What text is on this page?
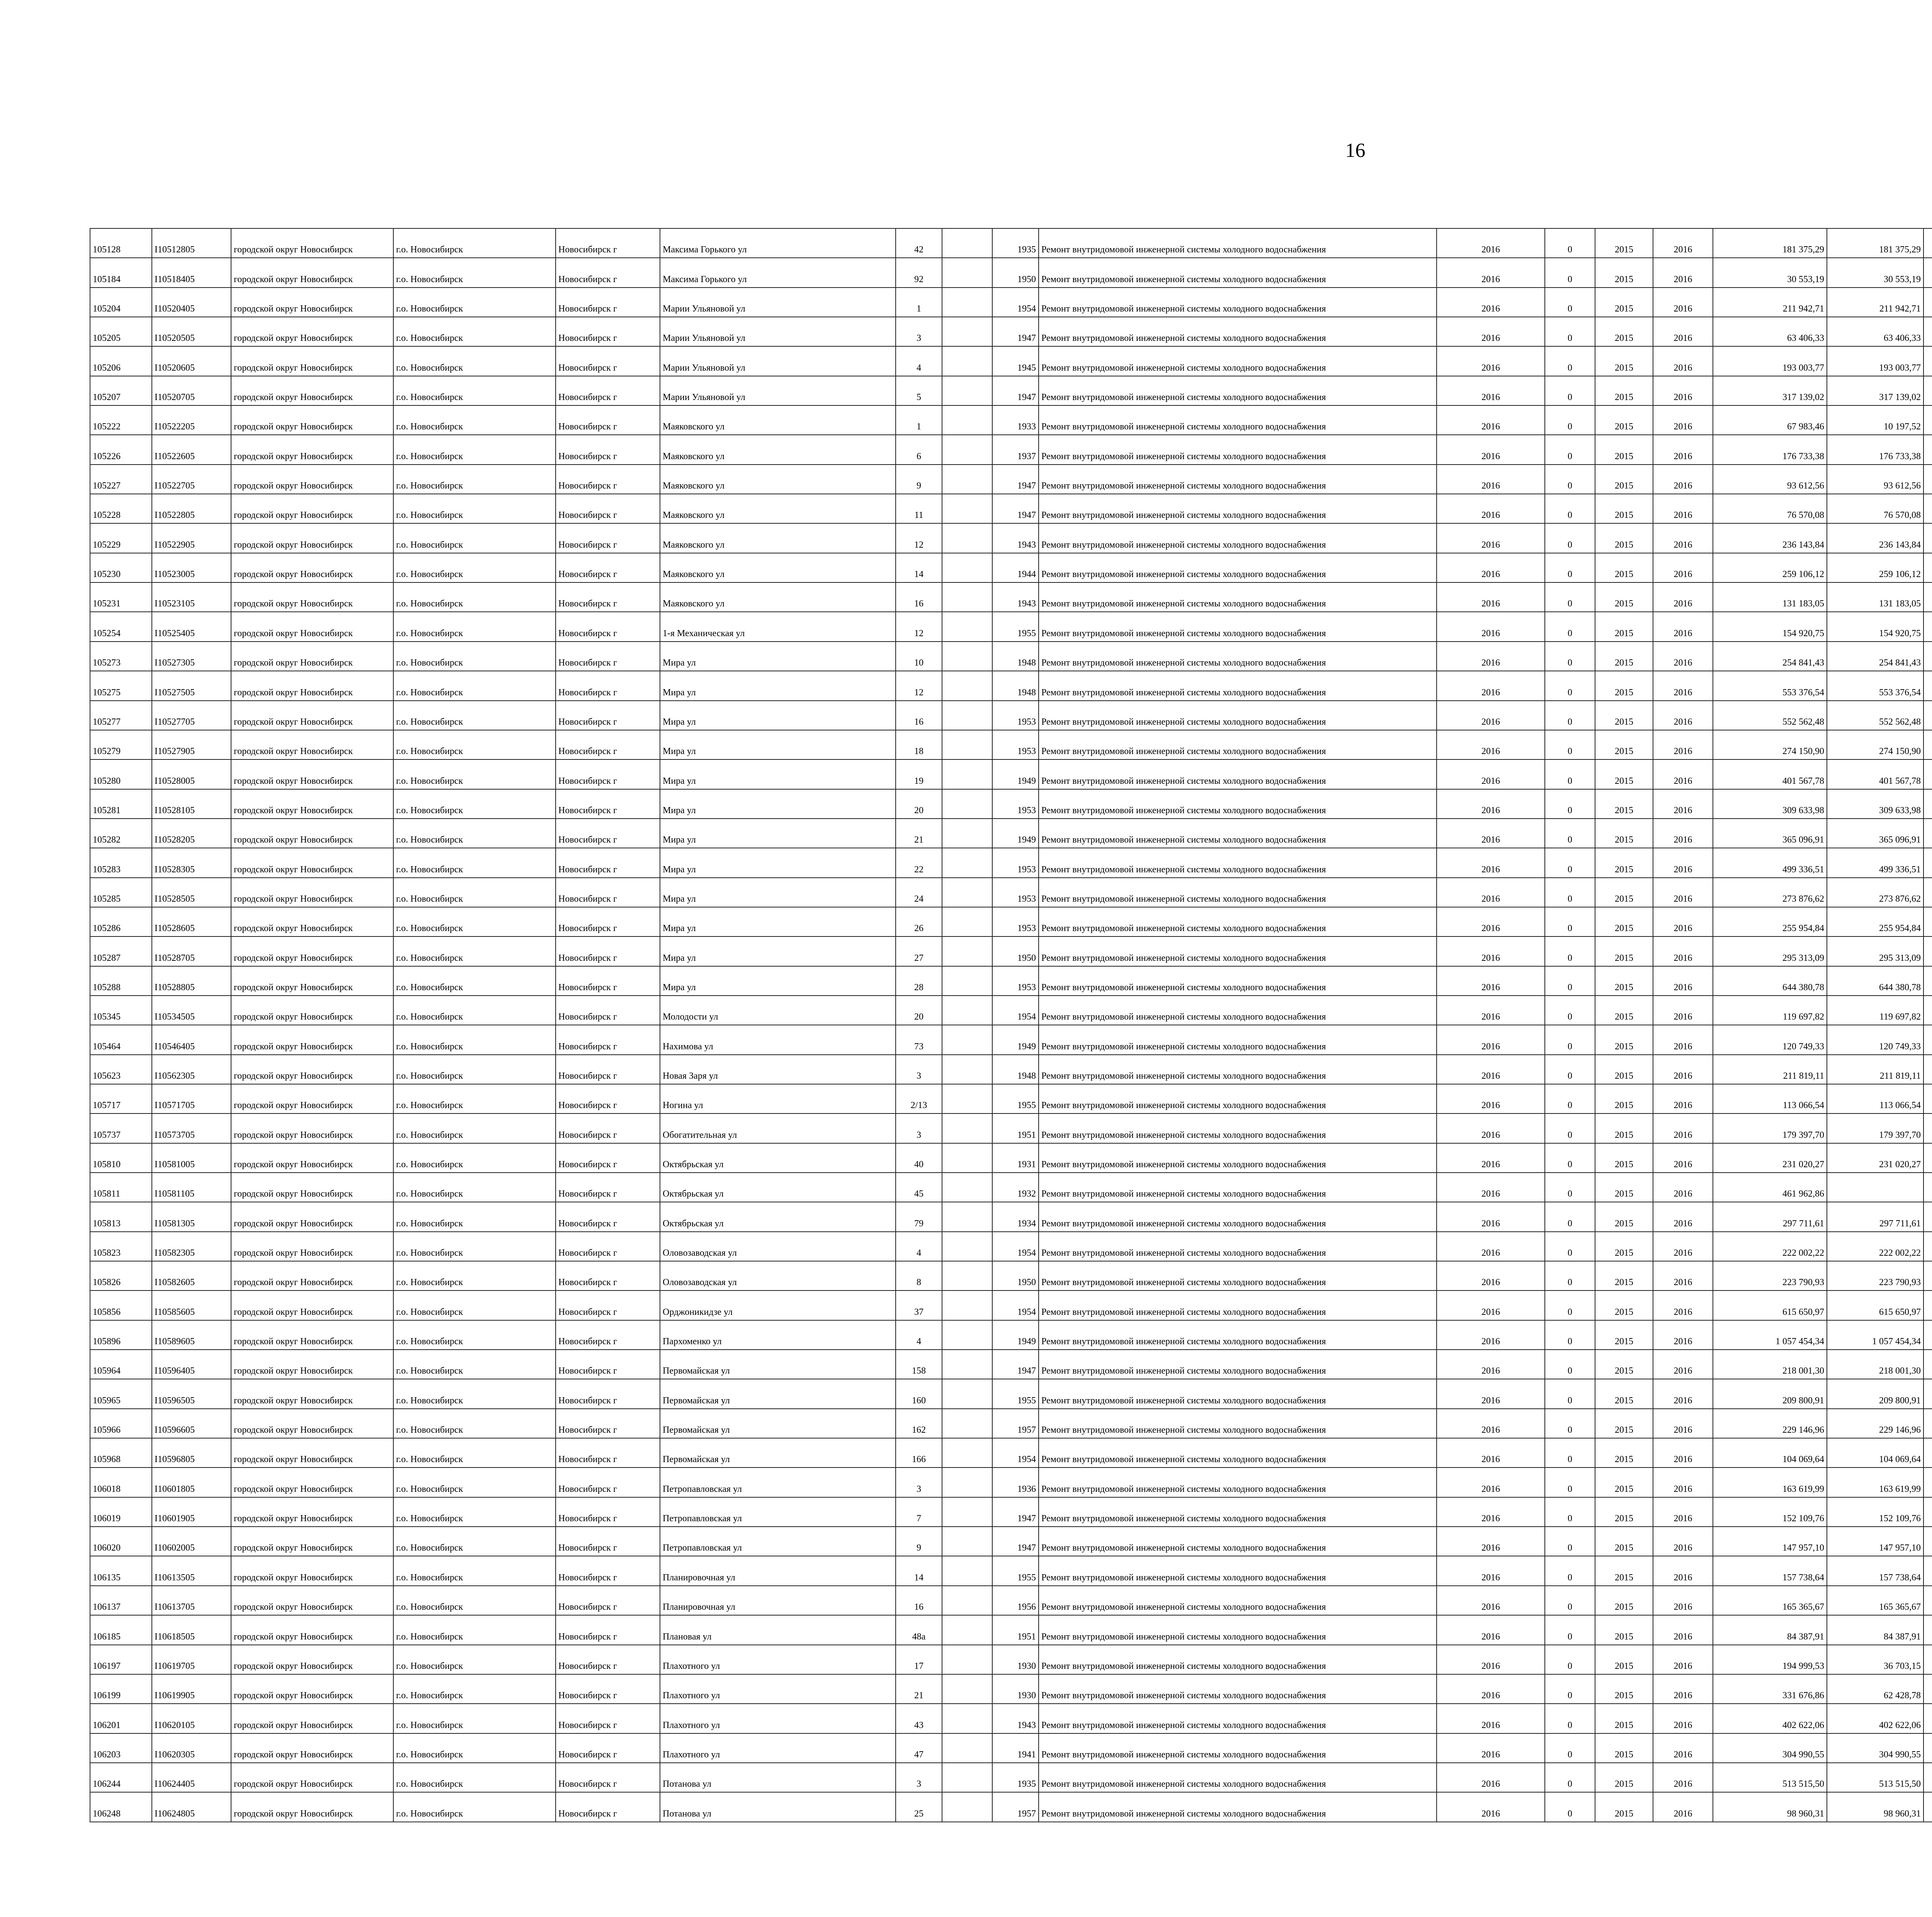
16
105128	I10512805	городской округ Новосибирск	г.о. Новосибирск	Новосибирск г	Максима Горького ул	42		1935	Ремонт внутридомовой инженерной системы холодного водоснабжения	2016	0	2015	2016	181 375,29	181 375,29							
105184	I10518405	городской округ Новосибирск	г.о. Новосибирск	Новосибирск г	Максима Горького ул	92		1950	Ремонт внутридомовой инженерной системы холодного водоснабжения	2016	0	2015	2016	30 553,19	30 553,19							
105204	I10520405	городской округ Новосибирск	г.о. Новосибирск	Новосибирск г	Марии Ульяновой ул	1		1954	Ремонт внутридомовой инженерной системы холодного водоснабжения	2016	0	2015	2016	211 942,71	211 942,71							
105205	I10520505	городской округ Новосибирск	г.о. Новосибирск	Новосибирск г	Марии Ульяновой ул	3		1947	Ремонт внутридомовой инженерной системы холодного водоснабжения	2016	0	2015	2016	63 406,33	63 406,33							
105206	I10520605	городской округ Новосибирск	г.о. Новосибирск	Новосибирск г	Марии Ульяновой ул	4		1945	Ремонт внутридомовой инженерной системы холодного водоснабжения	2016	0	2015	2016	193 003,77	193 003,77							
105207	I10520705	городской округ Новосибирск	г.о. Новосибирск	Новосибирск г	Марии Ульяновой ул	5		1947	Ремонт внутридомовой инженерной системы холодного водоснабжения	2016	0	2015	2016	317 139,02	317 139,02							
105222	I10522205	городской округ Новосибирск	г.о. Новосибирск	Новосибирск г	Маяковского ул	1		1933	Ремонт внутридомовой инженерной системы холодного водоснабжения	2016	0	2015	2016	67 983,46	10 197,52							
105226	I10522605	городской округ Новосибирск	г.о. Новосибирск	Новосибирск г	Маяковского ул	6		1937	Ремонт внутридомовой инженерной системы холодного водоснабжения	2016	0	2015	2016	176 733,38	176 733,38							
105227	I10522705	городской округ Новосибирск	г.о. Новосибирск	Новосибирск г	Маяковского ул	9		1947	Ремонт внутридомовой инженерной системы холодного водоснабжения	2016	0	2015	2016	93 612,56	93 612,56							
105228	I10522805	городской округ Новосибирск	г.о. Новосибирск	Новосибирск г	Маяковского ул	11		1947	Ремонт внутридомовой инженерной системы холодного водоснабжения	2016	0	2015	2016	76 570,08	76 570,08							
105229	I10522905	городской округ Новосибирск	г.о. Новосибирск	Новосибирск г	Маяковского ул	12		1943	Ремонт внутридомовой инженерной системы холодного водоснабжения	2016	0	2015	2016	236 143,84	236 143,84							
105230	I10523005	городской округ Новосибирск	г.о. Новосибирск	Новосибирск г	Маяковского ул	14		1944	Ремонт внутридомовой инженерной системы холодного водоснабжения	2016	0	2015	2016	259 106,12	259 106,12							
105231	I10523105	городской округ Новосибирск	г.о. Новосибирск	Новосибирск г	Маяковского ул	16		1943	Ремонт внутридомовой инженерной системы холодного водоснабжения	2016	0	2015	2016	131 183,05	131 183,05							
105254	I10525405	городской округ Новосибирск	г.о. Новосибирск	Новосибирск г	1-я Механическая ул	12		1955	Ремонт внутридомовой инженерной системы холодного водоснабжения	2016	0	2015	2016	154 920,75	154 920,75							
105273	I10527305	городской округ Новосибирск	г.о. Новосибирск	Новосибирск г	Мира ул	10		1948	Ремонт внутридомовой инженерной системы холодного водоснабжения	2016	0	2015	2016	254 841,43	254 841,43							
105275	I10527505	городской округ Новосибирск	г.о. Новосибирск	Новосибирск г	Мира ул	12		1948	Ремонт внутридомовой инженерной системы холодного водоснабжения	2016	0	2015	2016	553 376,54	553 376,54							
105277	I10527705	городской округ Новосибирск	г.о. Новосибирск	Новосибирск г	Мира ул	16		1953	Ремонт внутридомовой инженерной системы холодного водоснабжения	2016	0	2015	2016	552 562,48	552 562,48							
105279	I10527905	городской округ Новосибирск	г.о. Новосибирск	Новосибирск г	Мира ул	18		1953	Ремонт внутридомовой инженерной системы холодного водоснабжения	2016	0	2015	2016	274 150,90	274 150,90							
105280	I10528005	городской округ Новосибирск	г.о. Новосибирск	Новосибирск г	Мира ул	19		1949	Ремонт внутридомовой инженерной системы холодного водоснабжения	2016	0	2015	2016	401 567,78	401 567,78							
105281	I10528105	городской округ Новосибирск	г.о. Новосибирск	Новосибирск г	Мира ул	20		1953	Ремонт внутридомовой инженерной системы холодного водоснабжения	2016	0	2015	2016	309 633,98	309 633,98							
105282	I10528205	городской округ Новосибирск	г.о. Новосибирск	Новосибирск г	Мира ул	21		1949	Ремонт внутридомовой инженерной системы холодного водоснабжения	2016	0	2015	2016	365 096,91	365 096,91							
105283	I10528305	городской округ Новосибирск	г.о. Новосибирск	Новосибирск г	Мира ул	22		1953	Ремонт внутридомовой инженерной системы холодного водоснабжения	2016	0	2015	2016	499 336,51	499 336,51							
105285	I10528505	городской округ Новосибирск	г.о. Новосибирск	Новосибирск г	Мира ул	24		1953	Ремонт внутридомовой инженерной системы холодного водоснабжения	2016	0	2015	2016	273 876,62	273 876,62							
105286	I10528605	городской округ Новосибирск	г.о. Новосибирск	Новосибирск г	Мира ул	26		1953	Ремонт внутридомовой инженерной системы холодного водоснабжения	2016	0	2015	2016	255 954,84	255 954,84							
105287	I10528705	городской округ Новосибирск	г.о. Новосибирск	Новосибирск г	Мира ул	27		1950	Ремонт внутридомовой инженерной системы холодного водоснабжения	2016	0	2015	2016	295 313,09	295 313,09							
105288	I10528805	городской округ Новосибирск	г.о. Новосибирск	Новосибирск г	Мира ул	28		1953	Ремонт внутридомовой инженерной системы холодного водоснабжения	2016	0	2015	2016	644 380,78	644 380,78							
105345	I10534505	городской округ Новосибирск	г.о. Новосибирск	Новосибирск г	Молодости ул	20		1954	Ремонт внутридомовой инженерной системы холодного водоснабжения	2016	0	2015	2016	119 697,82	119 697,82							
105464	I10546405	городской округ Новосибирск	г.о. Новосибирск	Новосибирск г	Нахимова ул	73		1949	Ремонт внутридомовой инженерной системы холодного водоснабжения	2016	0	2015	2016	120 749,33	120 749,33							
105623	I10562305	городской округ Новосибирск	г.о. Новосибирск	Новосибирск г	Новая Заря ул	3		1948	Ремонт внутридомовой инженерной системы холодного водоснабжения	2016	0	2015	2016	211 819,11	211 819,11							
105717	I10571705	городской округ Новосибирск	г.о. Новосибирск	Новосибирск г	Ногина ул	2/13		1955	Ремонт внутридомовой инженерной системы холодного водоснабжения	2016	0	2015	2016	113 066,54	113 066,54							
105737	I10573705	городской округ Новосибирск	г.о. Новосибирск	Новосибирск г	Обогатительная ул	3		1951	Ремонт внутридомовой инженерной системы холодного водоснабжения	2016	0	2015	2016	179 397,70	179 397,70							
105810	I10581005	городской округ Новосибирск	г.о. Новосибирск	Новосибирск г	Октябрьская ул	40		1931	Ремонт внутридомовой инженерной системы холодного водоснабжения	2016	0	2015	2016	231 020,27	231 020,27							
105811	I10581105	городской округ Новосибирск	г.о. Новосибирск	Новосибирск г	Октябрьская ул	45		1932	Ремонт внутридомовой инженерной системы холодного водоснабжения	2016	0	2015	2016	461 962,86								
105813	I10581305	городской округ Новосибирск	г.о. Новосибирск	Новосибирск г	Октябрьская ул	79		1934	Ремонт внутридомовой инженерной системы холодного водоснабжения	2016	0	2015	2016	297 711,61	297 711,61							
105823	I10582305	городской округ Новосибирск	г.о. Новосибирск	Новосибирск г	Оловозаводская ул	4		1954	Ремонт внутридомовой инженерной системы холодного водоснабжения	2016	0	2015	2016	222 002,22	222 002,22							
105826	I10582605	городской округ Новосибирск	г.о. Новосибирск	Новосибирск г	Оловозаводская ул	8		1950	Ремонт внутридомовой инженерной системы холодного водоснабжения	2016	0	2015	2016	223 790,93	223 790,93							
105856	I10585605	городской округ Новосибирск	г.о. Новосибирск	Новосибирск г	Орджоникидзе ул	37		1954	Ремонт внутридомовой инженерной системы холодного водоснабжения	2016	0	2015	2016	615 650,97	615 650,97							
105896	I10589605	городской округ Новосибирск	г.о. Новосибирск	Новосибирск г	Пархоменко ул	4		1949	Ремонт внутридомовой инженерной системы холодного водоснабжения	2016	0	2015	2016	1 057 454,34	1 057 454,34							
105964	I10596405	городской округ Новосибирск	г.о. Новосибирск	Новосибирск г	Первомайская ул	158		1947	Ремонт внутридомовой инженерной системы холодного водоснабжения	2016	0	2015	2016	218 001,30	218 001,30							
105965	I10596505	городской округ Новосибирск	г.о. Новосибирск	Новосибирск г	Первомайская ул	160		1955	Ремонт внутридомовой инженерной системы холодного водоснабжения	2016	0	2015	2016	209 800,91	209 800,91							
105966	I10596605	городской округ Новосибирск	г.о. Новосибирск	Новосибирск г	Первомайская ул	162		1957	Ремонт внутридомовой инженерной системы холодного водоснабжения	2016	0	2015	2016	229 146,96	229 146,96							
105968	I10596805	городской округ Новосибирск	г.о. Новосибирск	Новосибирск г	Первомайская ул	166		1954	Ремонт внутридомовой инженерной системы холодного водоснабжения	2016	0	2015	2016	104 069,64	104 069,64							
106018	I10601805	городской округ Новосибирск	г.о. Новосибирск	Новосибирск г	Петропавловская ул	3		1936	Ремонт внутридомовой инженерной системы холодного водоснабжения	2016	0	2015	2016	163 619,99	163 619,99							
106019	I10601905	городской округ Новосибирск	г.о. Новосибирск	Новосибирск г	Петропавловская ул	7		1947	Ремонт внутридомовой инженерной системы холодного водоснабжения	2016	0	2015	2016	152 109,76	152 109,76							
106020	I10602005	городской округ Новосибирск	г.о. Новосибирск	Новосибирск г	Петропавловская ул	9		1947	Ремонт внутридомовой инженерной системы холодного водоснабжения	2016	0	2015	2016	147 957,10	147 957,10							
106135	I10613505	городской округ Новосибирск	г.о. Новосибирск	Новосибирск г	Планировочная ул	14		1955	Ремонт внутридомовой инженерной системы холодного водоснабжения	2016	0	2015	2016	157 738,64	157 738,64							
106137	I10613705	городской округ Новосибирск	г.о. Новосибирск	Новосибирск г	Планировочная ул	16		1956	Ремонт внутридомовой инженерной системы холодного водоснабжения	2016	0	2015	2016	165 365,67	165 365,67							
106185	I10618505	городской округ Новосибирск	г.о. Новосибирск	Новосибирск г	Плановая ул	48а		1951	Ремонт внутридомовой инженерной системы холодного водоснабжения	2016	0	2015	2016	84 387,91	84 387,91							
106197	I10619705	городской округ Новосибирск	г.о. Новосибирск	Новосибирск г	Плахотного ул	17		1930	Ремонт внутридомовой инженерной системы холодного водоснабжения	2016	0	2015	2016	194 999,53	36 703,15							
106199	I10619905	городской округ Новосибирск	г.о. Новосибирск	Новосибирск г	Плахотного ул	21		1930	Ремонт внутридомовой инженерной системы холодного водоснабжения	2016	0	2015	2016	331 676,86	62 428,78							
106201	I10620105	городской округ Новосибирск	г.о. Новосибирск	Новосибирск г	Плахотного ул	43		1943	Ремонт внутридомовой инженерной системы холодного водоснабжения	2016	0	2015	2016	402 622,06	402 622,06							
106203	I10620305	городской округ Новосибирск	г.о. Новосибирск	Новосибирск г	Плахотного ул	47		1941	Ремонт внутридомовой инженерной системы холодного водоснабжения	2016	0	2015	2016	304 990,55	304 990,55							
106244	I10624405	городской округ Новосибирск	г.о. Новосибирск	Новосибирск г	Потанова ул	3		1935	Ремонт внутридомовой инженерной системы холодного водоснабжения	2016	0	2015	2016	513 515,50	513 515,50							
106248	I10624805	городской округ Новосибирск	г.о. Новосибирск	Новосибирск г	Потанова ул	25		1957	Ремонт внутридомовой инженерной системы холодного водоснабжения	2016	0	2015	2016	98 960,31	98 960,31							
